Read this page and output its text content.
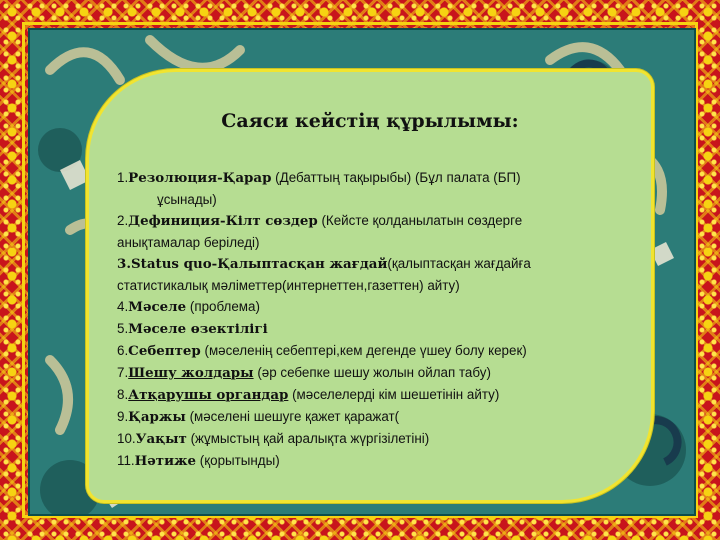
Саяси кейстің құрылымы:
1.Резолюция-Қарар (Дебаттың тақырыбы) (Бұл палата (БП)
ұсынады)
2.Дефиниция-Кілт сөздер (Кейсте қолданылатын сөздерге
анықтамалар беріледі)
3.Status quo-Қалыптасқан жағдай(қалыптасқан жағдайға
статистикалық мәліметтер(интернеттен,газеттен) айту)
4.Мәселе (проблема)
5.Мәселе өзектілігі
6.Себептер (мәселенің себептері,кем дегенде үшеу болу керек)
7.Шешу жолдары (әр себепке шешу жолын ойлап табу)
8.Атқарушы органдар (мәселелерді кім шешетінін айту)
9.Қаржы (мәселені шешуге қажет қаражат(
10.Уақыт (жұмыстың қай аралықта жүргізілетіні)
11.Нәтиже (қорытынды)
